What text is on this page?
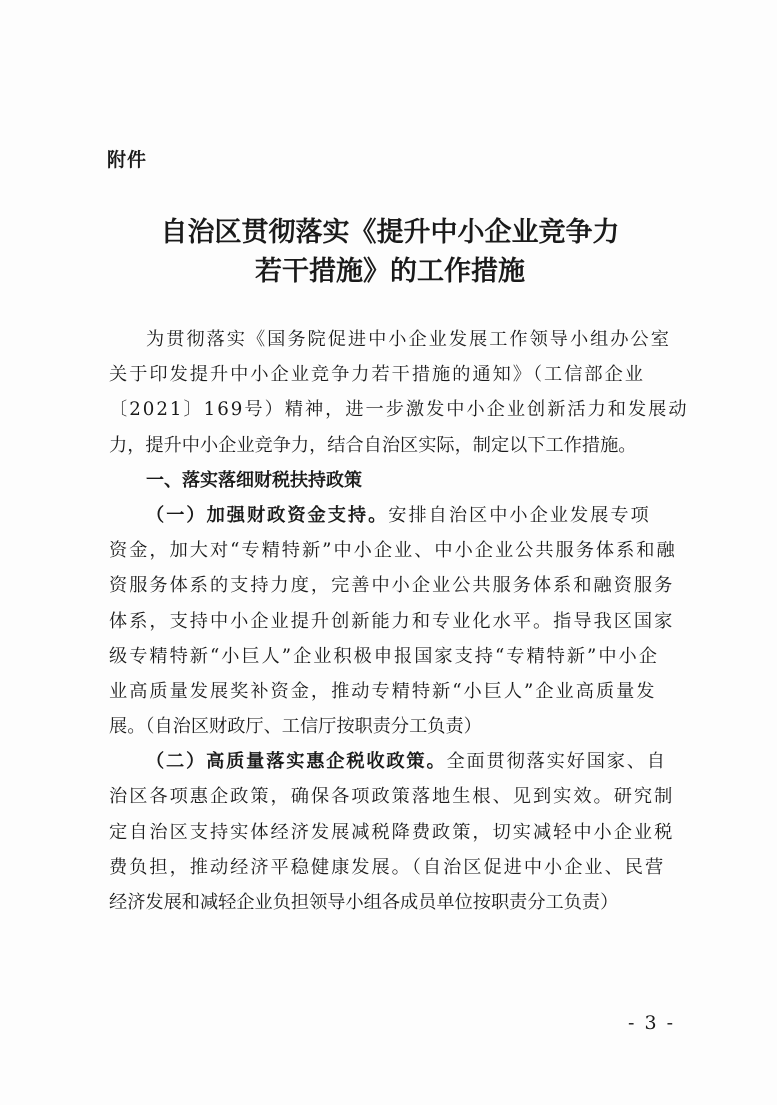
附件
自治区贯彻落实《提升中小企业竞争力
若干措施》的工作措施
为贯彻落实《国务院促进中小企业发展工作领导小组办公室
关于印发提升中小企业竞争力若干措施的通知》（工信部企业
〔2021〕169号）精神，进一步激发中小企业创新活力和发展动
力，提升中小企业竞争力，结合自治区实际，制定以下工作措施。
一、落实落细财税扶持政策
（一）加强财政资金支持。安排自治区中小企业发展专项
资金，加大对“专精特新”中小企业、中小企业公共服务体系和融
资服务体系的支持力度，完善中小企业公共服务体系和融资服务
体系，支持中小企业提升创新能力和专业化水平。指导我区国家
级专精特新“小巨人”企业积极申报国家支持“专精特新”中小企
业高质量发展奖补资金，推动专精特新“小巨人”企业高质量发
展。（自治区财政厅、工信厅按职责分工负责）
（二）高质量落实惠企税收政策。全面贯彻落实好国家、自
治区各项惠企政策，确保各项政策落地生根、见到实效。研究制
定自治区支持实体经济发展减税降费政策，切实减轻中小企业税
费负担，推动经济平稳健康发展。（自治区促进中小企业、民营
经济发展和减轻企业负担领导小组各成员单位按职责分工负责）
- 3 -
